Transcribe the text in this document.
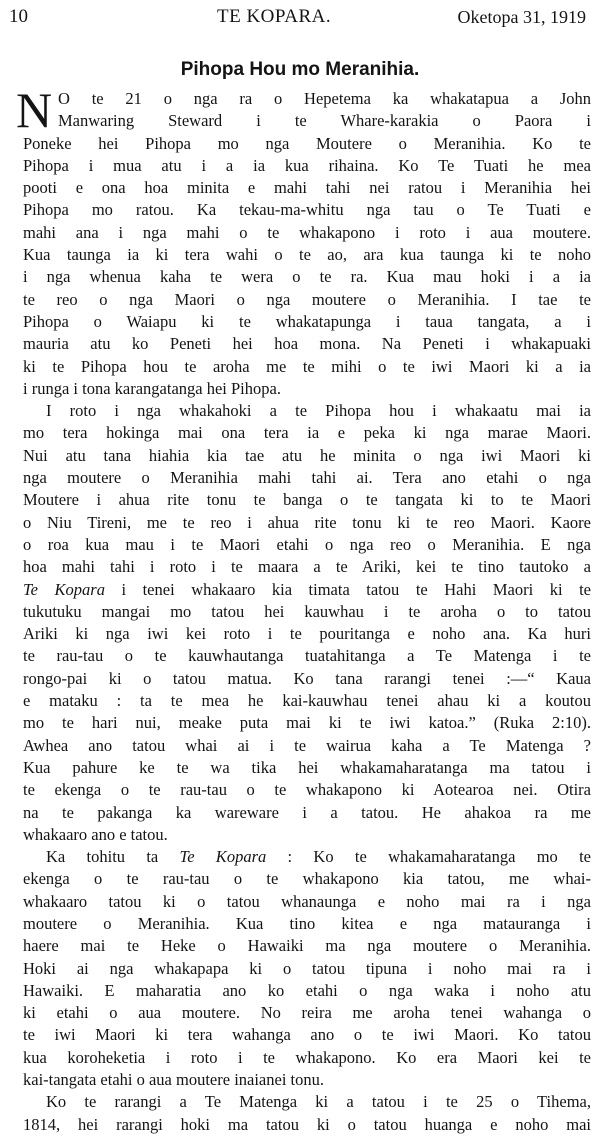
10	TE KOPARA.	Oketopa 31, 1919
Pihopa Hou mo Meranihia.
N O te 21 o nga ra o Hepetema ka whakatapua a John
Manwaring Steward i te Whare-karakia o Paora i
Poneke hei Pihopa mo nga Moutere o Meranihia. Ko te
Pihopa i mua atu i a ia kua rihaina. Ko Te Tuati he mea
pooti e ona hoa minita e mahi tahi nei ratou i Meranihia hei
Pihopa mo ratou. Ka tekau-ma-whitu nga tau o Te Tuati e
mahi ana i nga mahi o te whakapono i roto i aua moutere.
Kua taunga ia ki tera wahi o te ao, ara kua taunga ki te noho
i nga whenua kaha te wera o te ra. Kua mau hoki i a ia
te reo o nga Maori o nga moutere o Meranihia. I tae te
Pihopa o Waiapu ki te whakatapunga i taua tangata, a i
mauria atu ko Peneti hei hoa mona. Na Peneti i whakapuaki
ki te Pihopa hou te aroha me te mihi o te iwi Maori ki a ia
i runga i tona karangatanga hei Pihopa.

I roto i nga whakahoki a te Pihopa hou i whakaatu mai ia
mo tera hokinga mai ona tera ia e peka ki nga marae Maori.
Nui atu tana hiahia kia tae atu he minita o nga iwi Maori ki
nga moutere o Meranihia mahi tahi ai. Tera ano etahi o nga
Moutere i ahua rite tonu te banga o te tangata ki to te Maori
o Niu Tireni, me te reo i ahua rite tonu ki te reo Maori. Kaore
o roa kua mau i te Maori etahi o nga reo o Meranihia. E nga
hoa mahi tahi i roto i te maara a te Ariki, kei te tino tautoko a
Te Kopara i tenei whakaaro kia timata tatou te Hahi Maori ki te
tukutuku mangai mo tatou hei kauwhau i te aroha o to tatou
Ariki ki nga iwi kei roto i te pouritanga e noho ana. Ka huri
te rau-tau o te kauwhautanga tuatahitanga a Te Matenga i te
rongo-pai ki o tatou matua. Ko tana rarangi tenei :—“ Kaua
e mataku : ta te mea he kai-kauwhau tenei ahau ki a koutou
mo te hari nui, meake puta mai ki te iwi katoa.” (Ruka 2:10).
Awhea ano tatou whai ai i te wairua kaha a Te Matenga ?
Kua pahure ke te wa tika hei whakamaharatanga ma tatou i
te ekenga o te rau-tau o te whakapono ki Aotearoa nei. Otira
na te pakanga ka wareware i a tatou. He ahakoa ra me
whakaaro ano e tatou.

Ka tohitu ta Te Kopara : Ko te whakamaharatanga mo te
ekenga o te rau-tau o te whakapono kia tatou, me whai-
whakaaro tatou ki o tatou whanaunga e noho mai ra i nga
moutere o Meranihia. Kua tino kitea e nga matauranga i
haere mai te Heke o Hawaiki ma nga moutere o Meranihia.
Hoki ai nga whakapapa ki o tatou tipuna i noho mai ra i
Hawaiki. E maharatia ano ko etahi o nga waka i noho atu
ki etahi o aua moutere. No reira me aroha tenei wahanga o
te iwi Maori ki tera wahanga ano o te iwi Maori. Ko tatou
kua koroheketia i roto i te whakapono. Ko era Maori kei te
kai-tangata etahi o aua moutere inaianei tonu.

Ko te rarangi a Te Matenga ki a tatou i te 25 o Tihema,
1814, hei rarangi hoki ma tatou ki o tatou huanga e noho mai
